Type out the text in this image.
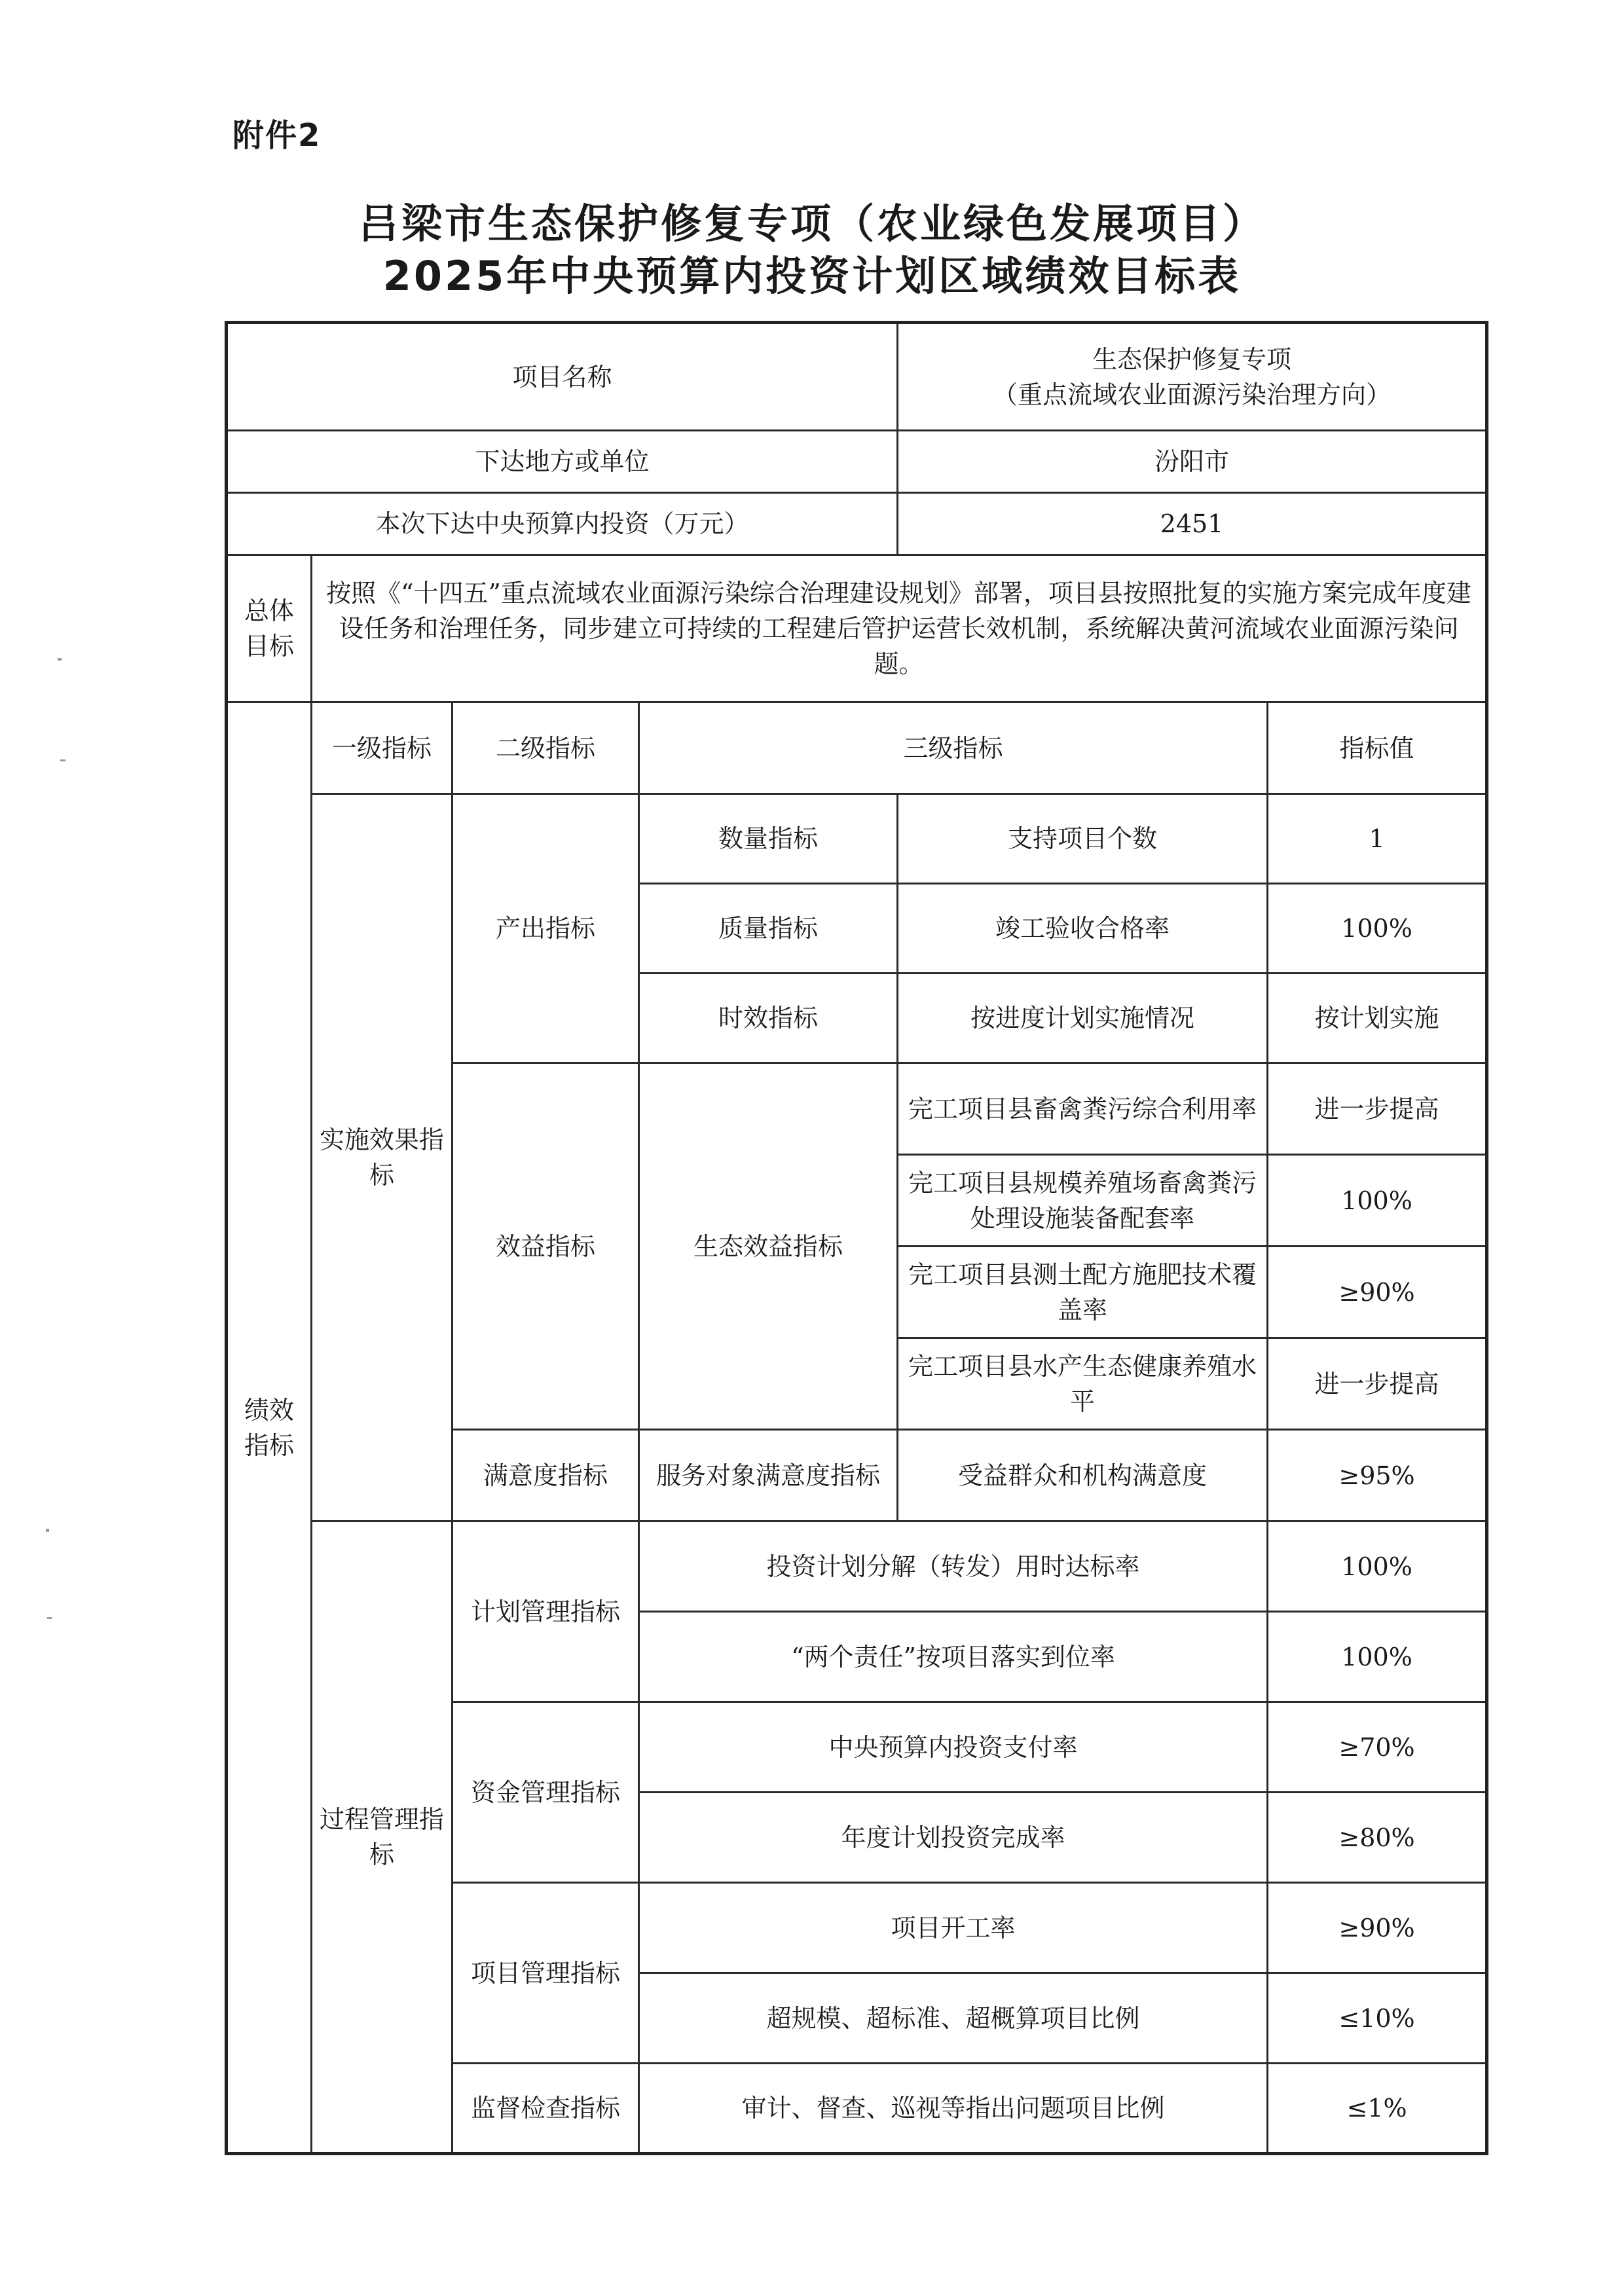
附件2
吕梁市生态保护修复专项（农业绿色发展项目）
2025年中央预算内投资计划区域绩效目标表
项目名称				生态保护修复专项
（重点流域农业面源污染治理方向）	

下达地方或单位				汾阳市	
本次下达中央预算内投资（万元）				2451	
总体目标	按照《“十四五”重点流域农业面源污染综合治理建设规划》部署，项目县按照批复的实施方案完成年度建设任务和治理任务，同步建立可持续的工程建后管护运营长效机制，系统解决黄河流域农业面源污染问题。				
绩效指标	一级指标	二级指标	三级指标		指标值
	实施效果指标	产出指标	数量指标	支持项目个数	1
			质量指标	竣工验收合格率	100%
			时效指标	按进度计划实施情况	按计划实施
		效益指标	生态效益指标	完工项目县畜禽粪污综合利用率	进一步提高
				完工项目县规模养殖场畜禽粪污处理设施装备配套率	100%
				完工项目县测土配方施肥技术覆盖率	≥90%
				完工项目县水产生态健康养殖水平	进一步提高
		满意度指标	服务对象满意度指标	受益群众和机构满意度	≥95%
	过程管理指标	计划管理指标	投资计划分解（转发）用时达标率		100%
			“两个责任”按项目落实到位率		100%
		资金管理指标	中央预算内投资支付率		≥70%
			年度计划投资完成率		≥80%
		项目管理指标	项目开工率		≥90%
			超规模、超标准、超概算项目比例		≤10%
		监督检查指标	审计、督查、巡视等指出问题项目比例		≤1%
